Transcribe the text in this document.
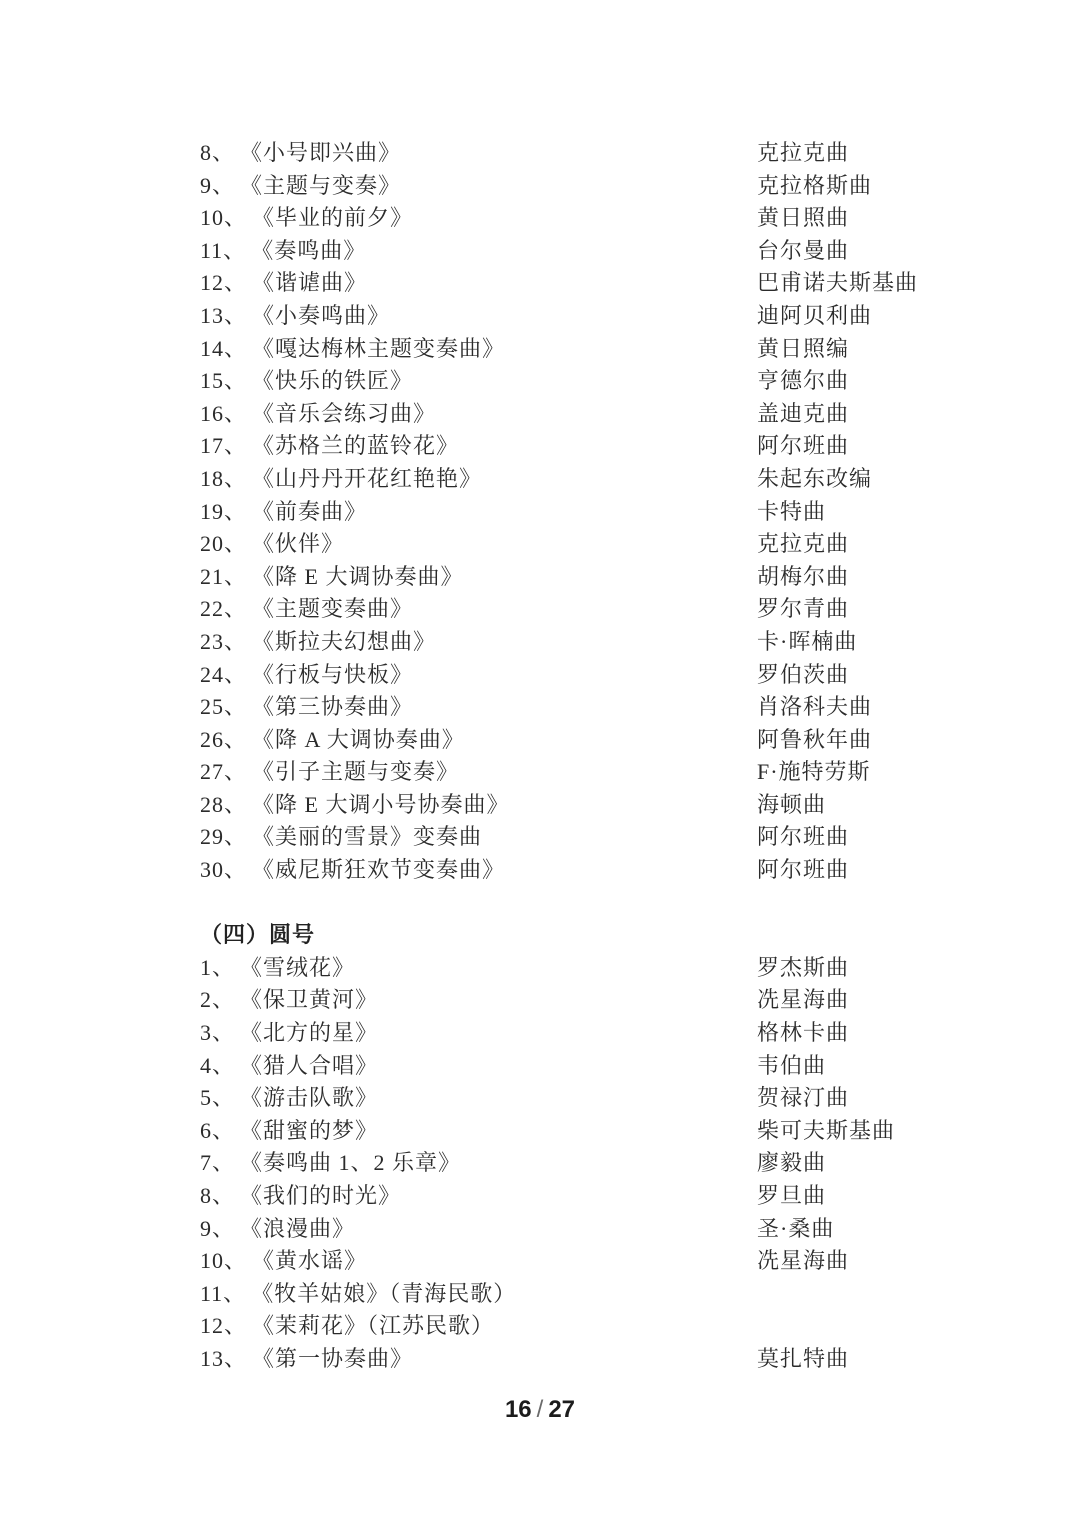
8、 《小号即兴曲》	克拉克曲
9、 《主题与变奏》	克拉格斯曲
10、 《毕业的前夕》	黄日照曲
11、 《奏鸣曲》	台尔曼曲
12、 《谐谑曲》	巴甫诺夫斯基曲
13、 《小奏鸣曲》	迪阿贝利曲
14、 《嘎达梅林主题变奏曲》	黄日照编
15、 《快乐的铁匠》	亨德尔曲
16、 《音乐会练习曲》	盖迪克曲
17、 《苏格兰的蓝铃花》	阿尔班曲
18、 《山丹丹开花红艳艳》	朱起东改编
19、 《前奏曲》	卡特曲
20、 《伙伴》	克拉克曲
21、 《降 E 大调协奏曲》	胡梅尔曲
22、 《主题变奏曲》	罗尔青曲
23、 《斯拉夫幻想曲》	卡·晖楠曲
24、 《行板与快板》	罗伯茨曲
25、 《第三协奏曲》	肖洛科夫曲
26、 《降 A 大调协奏曲》	阿鲁秋年曲
27、 《引子主题与变奏》	F·施特劳斯
28、 《降 E 大调小号协奏曲》	海顿曲
29、 《美丽的雪景》变奏曲	阿尔班曲
30、 《威尼斯狂欢节变奏曲》	阿尔班曲
（四）圆号
1、 《雪绒花》	罗杰斯曲
2、 《保卫黄河》	冼星海曲
3、 《北方的星》	格林卡曲
4、 《猎人合唱》	韦伯曲
5、 《游击队歌》	贺禄汀曲
6、 《甜蜜的梦》	柴可夫斯基曲
7、 《奏鸣曲 1、2 乐章》	廖毅曲
8、 《我们的时光》	罗旦曲
9、 《浪漫曲》	圣·桑曲
10、 《黄水谣》	冼星海曲
11、 《牧羊姑娘》（青海民歌）
12、 《茉莉花》（江苏民歌）
13、 《第一协奏曲》	莫扎特曲
16 / 27
